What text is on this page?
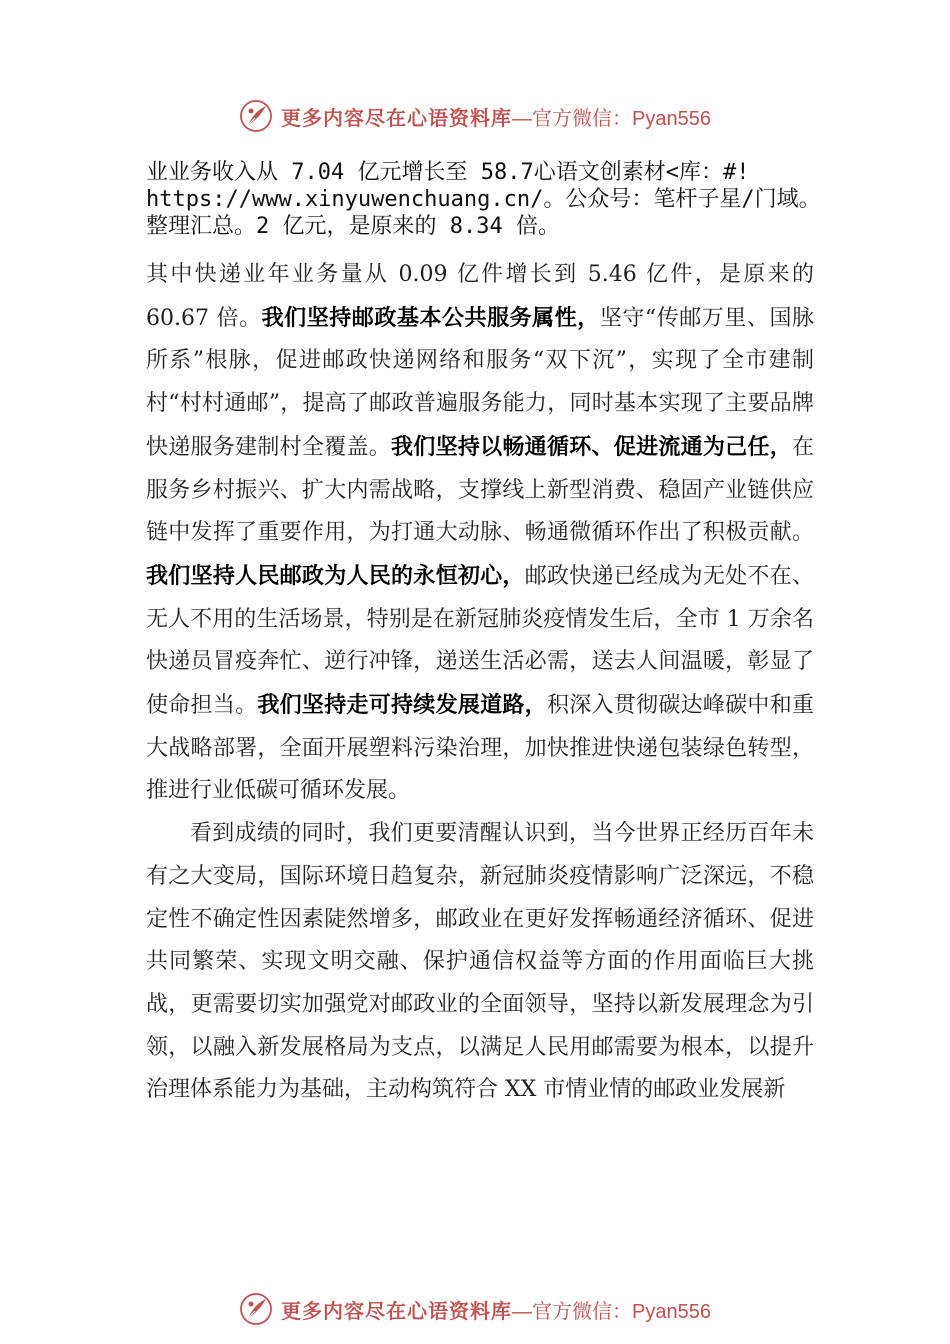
更多内容尽在心语资料库 —官方微信：Pyan556
业业务收入从 7.04 亿元增长至 58.7心语文创素材<库：#!
https://www.xinyuwenchuang.cn/。公众号：笔杆子星/门域。
整理汇总。2 亿元，是原来的 8.34 倍。

其中快递业年业务量从 0.09 亿件增长到 5.46 亿件，是原来的 60.67 倍。我们坚持邮政基本公共服务属性，坚守“传邮万里、国脉所系”根脉，促进邮政快递网络和服务“双下沉”，实现了全市建制村“村村通邮”，提高了邮政普遍服务能力，同时基本实现了主要品牌快递服务建制村全覆盖。我们坚持以畅通循环、促进流通为己任，在服务乡村振兴、扩大内需战略，支撑线上新型消费、稳固产业链供应链中发挥了重要作用，为打通大动脉、畅通微循环作出了积极贡献。我们坚持人民邮政为人民的永恒初心，邮政快递已经成为无处不在、无人不用的生活场景，特别是在新冠肺炎疫情发生后，全市 1 万余名快递员冒疫奔忙、逆行冲锋，递送生活必需，送去人间温暖，彰显了使命担当。我们坚持走可持续发展道路，积深入贯彻碳达峰碳中和重大战略部署，全面开展塑料污染治理，加快推进快递包装绿色转型，推进行业低碳可循环发展。

看到成绩的同时，我们更要清醒认识到，当今世界正经历百年未有之大变局，国际环境日趋复杂，新冠肺炎疫情影响广泛深远，不稳定性不确定性因素陡然增多，邮政业在更好发挥畅通经济循环、促进共同繁荣、实现文明交融、保护通信权益等方面的作用面临巨大挑战，更需要切实加强党对邮政业的全面领导，坚持以新发展理念为引领，以融入新发展格局为支点，以满足人民用邮需要为根本，以提升治理体系能力为基础，主动构筑符合 XX 市情业情的邮政业发展新

更多内容尽在心语资料库 —官方微信：Pyan556
